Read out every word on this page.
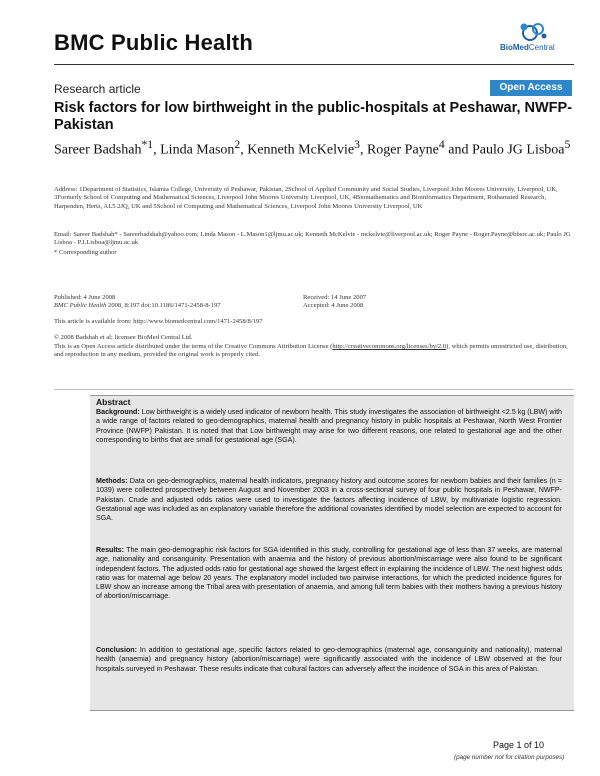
BMC Public Health	BioMedCentral
Research article	Open Access
Risk factors for low birthweight in the public-hospitals at Peshawar, NWFP-Pakistan
Sareer Badshah$^{*1}$, Linda Mason$^2$, Kenneth McKelvie$^3$, Roger Payne$^4$ and Paulo JG Lisboa$^5$
Address: 1Department of Statistics, Islamia College, University of Peshawar, Pakistan, 2School of Applied Community and Social Studies, Liverpool John Moores University, Liverpool, UK, 3Formerly School of Computing and Mathematical Sciences, Liverpool John Moores University Liverpool, UK, 4Biomathematics and Bioinformatics Department, Rothamsted Research, Harpenden, Herts, AL5 2JQ, UK and 5School of Computing and Mathematical Sciences, Liverpool John Moores University Liverpool, UK
Email: Sareer Badshah* - Sareerbadshah@yahoo.com; Linda Mason - L.Mason1@ljmu.ac.uk; Kenneth McKelvie - mckelvie@liverpool.ac.uk; Roger Payne - Roger.Payne@bbsrc.ac.uk; Paulo JG Lisboa - P.J.Lisboa@ljmu.ac.uk
* Corresponding author
Published: 4 June 2008
BMC Public Health 2008, 8:197 doi:10.1186/1471-2458-8-197
Received: 14 June 2007
Accepted: 4 June 2008
This article is available from: http://www.biomedcentral.com/1471-2458/8/197
© 2008 Badshah et al; licensee BioMed Central Ltd.
This is an Open Access article distributed under the terms of the Creative Commons Attribution License (http://creativecommons.org/licenses/by/2.0), which permits unrestricted use, distribution, and reproduction in any medium, provided the original work is properly cited.
Abstract
Background: Low birthweight is a widely used indicator of newborn health. This study investigates the association of birthweight <2.5 kg (LBW) with a wide range of factors related to geo-demographics, maternal health and pregnancy history in public hospitals at Peshawar, North West Frontier Province (NWFP) Pakistan. It is noted that that Low birthweight may arise for two different reasons, one related to gestational age and the other corresponding to births that are small for gestational age (SGA).
Methods: Data on geo-demographics, maternal health indicators, pregnancy history and outcome scores for newborn babies and their families (n = 1039) were collected prospectively between August and November 2003 in a cross-sectional survey of four public hospitals in Peshawar, NWFP-Pakistan. Crude and adjusted odds ratios were used to investigate the factors affecting incidence of LBW, by multivariate logistic regression. Gestational age was included as an explanatory variable therefore the additional covariates identified by model selection are expected to account for SGA.
Results: The main geo-demographic risk factors for SGA identified in this study, controlling for gestational age of less than 37 weeks, are maternal age, nationality and consanguinity. Presentation with anaemia and the history of previous abortion/miscarriage were also found to be significant independent factors. The adjusted odds ratio for gestational age showed the largest effect in explaining the incidence of LBW. The next highest odds ratio was for maternal age below 20 years. The explanatory model included two pairwise interactions, for which the predicted incidence figures for LBW show an increase among the Tribal area with presentation of anaemia, and among full term babies with their mothers having a previous history of abortion/miscarriage.
Conclusion: In addition to gestational age, specific factors related to geo-demographics (maternal age, consanguinity and nationality), maternal health (anaemia) and pregnancy history (abortion/miscarriage) were significantly associated with the incidence of LBW observed at the four hospitals surveyed in Peshawar. These results indicate that cultural factors can adversely affect the incidence of SGA in this area of Pakistan.
Page 1 of 10
(page number not for citation purposes)
